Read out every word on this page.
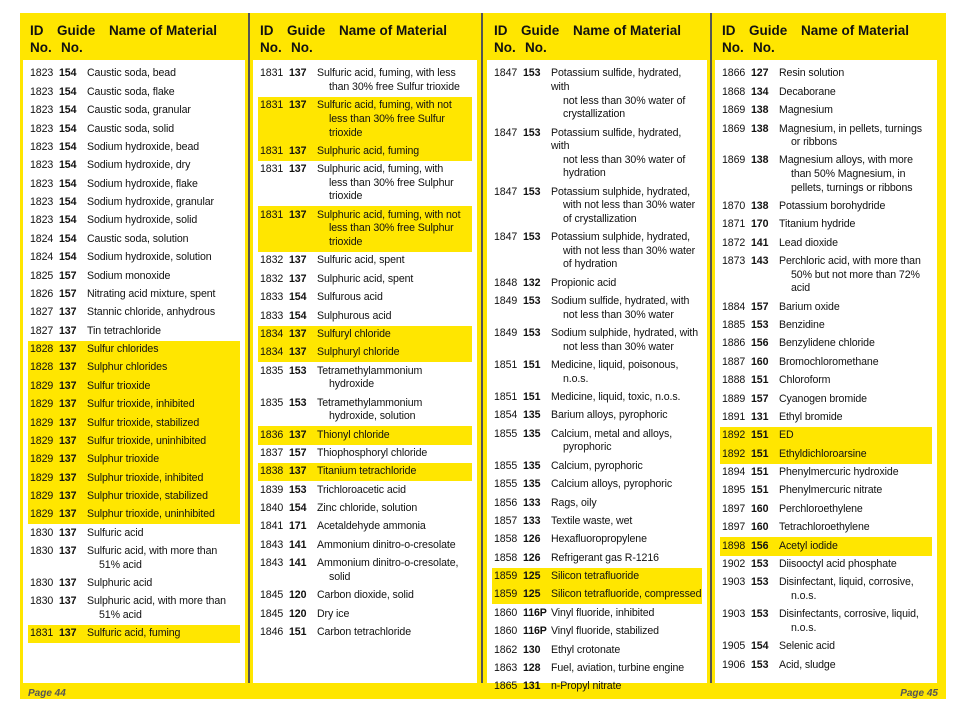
ID Guide Name of Material
No. No.
1823 154 Caustic soda, bead
1823 154 Caustic soda, flake
1823 154 Caustic soda, granular
1823 154 Caustic soda, solid
1823 154 Sodium hydroxide, bead
1823 154 Sodium hydroxide, dry
1823 154 Sodium hydroxide, flake
1823 154 Sodium hydroxide, granular
1823 154 Sodium hydroxide, solid
1824 154 Caustic soda, solution
1824 154 Sodium hydroxide, solution
1825 157 Sodium monoxide
1826 157 Nitrating acid mixture, spent
1827 137 Stannic chloride, anhydrous
1827 137 Tin tetrachloride
1828 137 Sulfur chlorides
1828 137 Sulphur chlorides
1829 137 Sulfur trioxide
1829 137 Sulfur trioxide, inhibited
1829 137 Sulfur trioxide, stabilized
1829 137 Sulfur trioxide, uninhibited
1829 137 Sulphur trioxide
1829 137 Sulphur trioxide, inhibited
1829 137 Sulphur trioxide, stabilized
1829 137 Sulphur trioxide, uninhibited
1830 137 Sulfuric acid
1830 137 Sulfuric acid, with more than
51% acid
1830 137 Sulphuric acid
1830 137 Sulphuric acid, with more than
51% acid
1831 137 Sulfuric acid, fuming
ID Guide Name of Material
No. No.
1831 137 Sulfuric acid, fuming, with less
than 30% free Sulfur trioxide
1831 137 Sulfuric acid, fuming, with not
less than 30% free Sulfur
trioxide
1831 137 Sulphuric acid, fuming
1831 137 Sulphuric acid, fuming, with
less than 30% free Sulphur
trioxide
1831 137 Sulphuric acid, fuming, with not
less than 30% free Sulphur
trioxide
1832 137 Sulfuric acid, spent
1832 137 Sulphuric acid, spent
1833 154 Sulfurous acid
1833 154 Sulphurous acid
1834 137 Sulfuryl chloride
1834 137 Sulphuryl chloride
1835 153 Tetramethylammonium
hydroxide
1835 153 Tetramethylammonium
hydroxide, solution
1836 137 Thionyl chloride
1837 157 Thiophosphoryl chloride
1838 137 Titanium tetrachloride
1839 153 Trichloroacetic acid
1840 154 Zinc chloride, solution
1841 171 Acetaldehyde ammonia
1843 141 Ammonium dinitro-o-cresolate
1843 141 Ammonium dinitro-o-cresolate,
solid
1845 120 Carbon dioxide, solid
1845 120 Dry ice
1846 151 Carbon tetrachloride
ID Guide Name of Material
No. No.
1847 153 Potassium sulfide, hydrated, with
not less than 30% water of
crystallization
1847 153 Potassium sulfide, hydrated, with
not less than 30% water of
hydration
1847 153 Potassium sulphide, hydrated,
with not less than 30% water
of crystallization
1847 153 Potassium sulphide, hydrated,
with not less than 30% water
of hydration
1848 132 Propionic acid
1849 153 Sodium sulfide, hydrated, with
not less than 30% water
1849 153 Sodium sulphide, hydrated, with
not less than 30% water
1851 151 Medicine, liquid, poisonous,
n.o.s.
1851 151 Medicine, liquid, toxic, n.o.s.
1854 135 Barium alloys, pyrophoric
1855 135 Calcium, metal and alloys,
pyrophoric
1855 135 Calcium, pyrophoric
1855 135 Calcium alloys, pyrophoric
1856 133 Rags, oily
1857 133 Textile waste, wet
1858 126 Hexafluoropropylene
1858 126 Refrigerant gas R-1216
1859 125 Silicon tetrafluoride
1859 125 Silicon tetrafluoride, compressed
1860 116P Vinyl fluoride, inhibited
1860 116P Vinyl fluoride, stabilized
1862 130 Ethyl crotonate
1863 128 Fuel, aviation, turbine engine
1865 131 n-Propyl nitrate
ID Guide Name of Material
No. No.
1866 127 Resin solution
1868 134 Decaborane
1869 138 Magnesium
1869 138 Magnesium, in pellets, turnings
or ribbons
1869 138 Magnesium alloys, with more
than 50% Magnesium, in
pellets, turnings or ribbons
1870 138 Potassium borohydride
1871 170 Titanium hydride
1872 141 Lead dioxide
1873 143 Perchloric acid, with more than
50% but not more than 72%
acid
1884 157 Barium oxide
1885 153 Benzidine
1886 156 Benzylidene chloride
1887 160 Bromochloromethane
1888 151 Chloroform
1889 157 Cyanogen bromide
1891 131 Ethyl bromide
1892 151 ED
1892 151 Ethyldichloroarsine
1894 151 Phenylmercuric hydroxide
1895 151 Phenylmercuric nitrate
1897 160 Perchloroethylene
1897 160 Tetrachloroethylene
1898 156 Acetyl iodide
1902 153 Diisooctyl acid phosphate
1903 153 Disinfectant, liquid, corrosive,
n.o.s.
1903 153 Disinfectants, corrosive, liquid,
n.o.s.
1905 154 Selenic acid
1906 153 Acid, sludge
Page 44	Page 45
